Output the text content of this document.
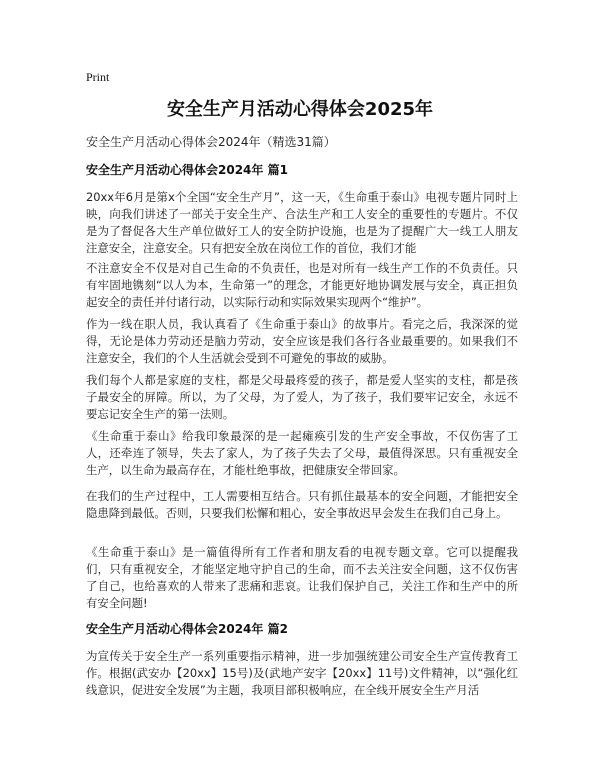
Print
安全生产月活动心得体会2025年
安全生产月活动心得体会2024年（精选31篇）
安全生产月活动心得体会2024年 篇1

20xx年6月是第x个全国“安全生产月”，这一天，《生命重于泰山》电视专题片同时上映，向我们讲述了一部关于安全生产、合法生产和工人安全的重要性的专题片。不仅是为了督促各大生产单位做好工人的安全防护设施，也是为了提醒广大一线工人朋友注意安全，注意安全。只有把安全放在岗位工作的首位，我们才能

不注意安全不仅是对自己生命的不负责任，也是对所有一线生产工作的不负责任。只有牢固地镌刻“以人为本，生命第一”的理念，才能更好地协调发展与安全，真正担负起安全的责任并付诸行动，以实际行动和实际效果实现两个“维护”。

作为一线在职人员，我认真看了《生命重于泰山》的故事片。看完之后，我深深的觉得，无论是体力劳动还是脑力劳动，安全应该是我们各行各业最重要的。如果我们不注意安全，我们的个人生活就会受到不可避免的事故的威胁。

我们每个人都是家庭的支柱，都是父母最疼爱的孩子，都是爱人坚实的支柱，都是孩子最安全的屏障。所以，为了父母，为了爱人，为了孩子，我们要牢记安全，永远不要忘记安全生产的第一法则。

《生命重于泰山》给我印象最深的是一起瘫痪引发的生产安全事故，不仅伤害了工人，还牵连了领导，失去了家人，为了孩子失去了父母，最值得深思。只有重视安全生产，以生命为最高存在，才能杜绝事故，把健康安全带回家。

在我们的生产过程中，工人需要相互结合。只有抓住最基本的安全问题，才能把安全隐患降到最低。否则，只要我们松懈和粗心，安全事故迟早会发生在我们自己身上。

《生命重于泰山》是一篇值得所有工作者和朋友看的电视专题文章。它可以提醒我们，只有重视安全，才能坚定地守护自己的生命，而不去关注安全问题，这不仅伤害了自己，也给喜欢的人带来了悲痛和悲哀。让我们保护自己，关注工作和生产中的所有安全问题!

安全生产月活动心得体会2024年 篇2

为宣传关于安全生产一系列重要指示精神，进一步加强统建公司安全生产宣传教育工作。根据(武安办【20xx】15号)及(武地产安字【20xx】11号)文件精神，以“强化红线意识，促进安全发展”为主题，我项目部积极响应，在全线开展安全生产月活
